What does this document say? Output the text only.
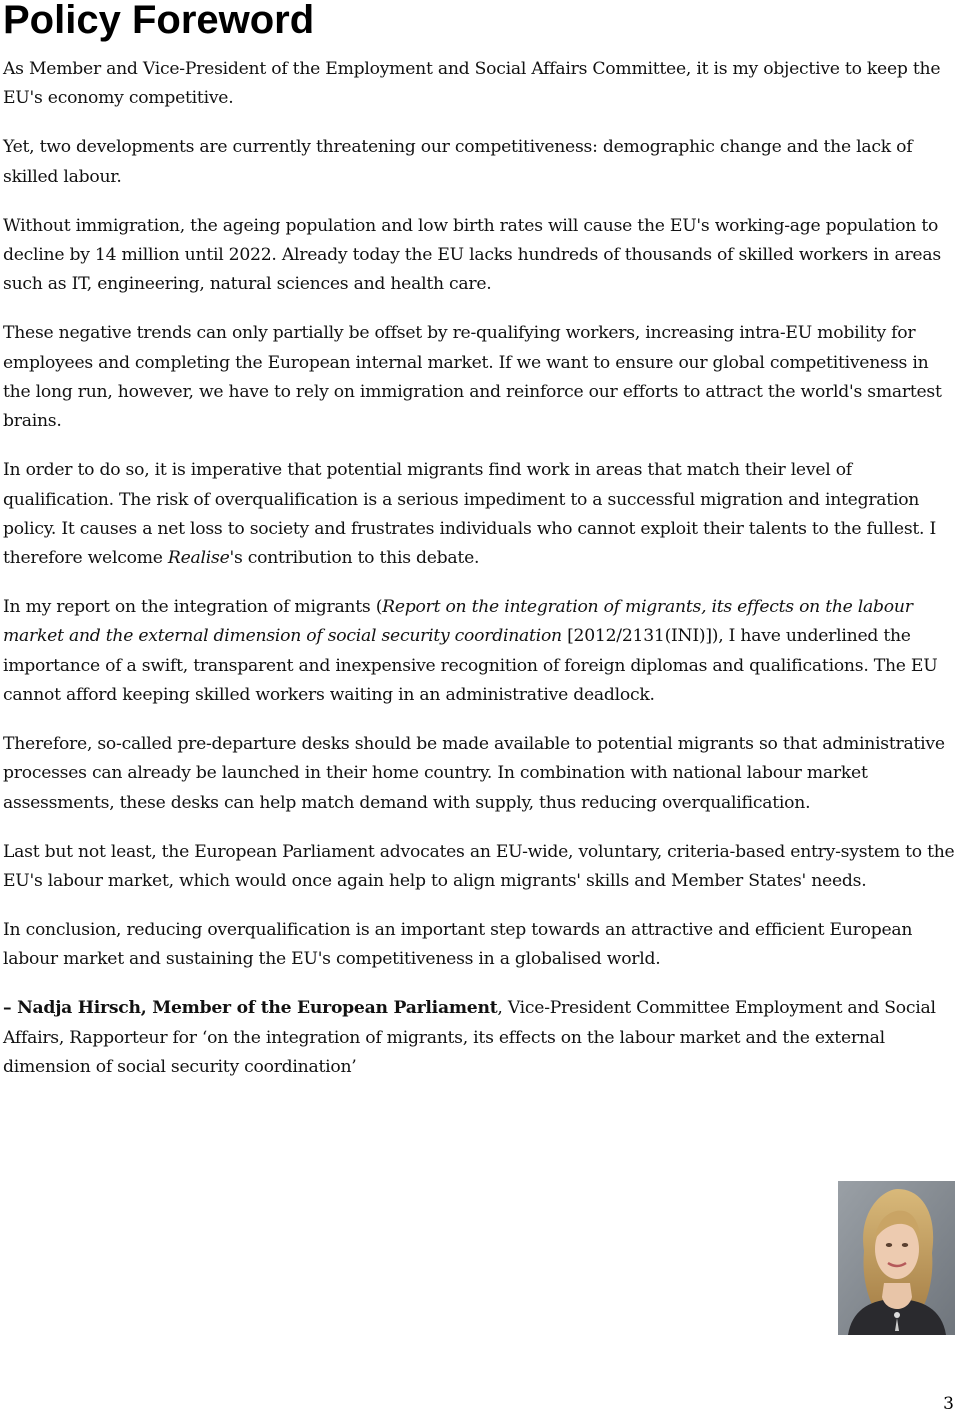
Policy Foreword

As Member and Vice-President of the Employment and Social Affairs Committee, it is my objective to keep the EU's economy competitive.

Yet, two developments are currently threatening our competitiveness: demographic change and the lack of skilled labour.

Without immigration, the ageing population and low birth rates will cause the EU's working-age population to decline by 14 million until 2022. Already today the EU lacks hundreds of thousands of skilled workers in areas such as IT, engineering, natural sciences and health care.

These negative trends can only partially be offset by re-qualifying workers, increasing intra-EU mobility for employees and completing the European internal market. If we want to ensure our global competitiveness in the long run, however, we have to rely on immigration and reinforce our efforts to attract the world's smartest brains.

In order to do so, it is imperative that potential migrants find work in areas that match their level of qualification. The risk of overqualification is a serious impediment to a successful migration and integration policy. It causes a net loss to society and frustrates individuals who cannot exploit their talents to the fullest. I therefore welcome Realise's contribution to this debate.

In my report on the integration of migrants (Report on the integration of migrants, its effects on the labour market and the external dimension of social security coordination [2012/2131(INI)]), I have underlined the importance of a swift, transparent and inexpensive recognition of foreign diplomas and qualifications. The EU cannot afford keeping skilled workers waiting in an administrative deadlock.

Therefore, so-called pre-departure desks should be made available to potential migrants so that administrative processes can already be launched in their home country. In combination with national labour market assessments, these desks can help match demand with supply, thus reducing overqualification.

Last but not least, the European Parliament advocates an EU-wide, voluntary, criteria-based entry-system to the EU's labour market, which would once again help to align migrants' skills and Member States' needs.

In conclusion, reducing overqualification is an important step towards an attractive and efficient European labour market and sustaining the EU's competitiveness in a globalised world.

– Nadja Hirsch, Member of the European Parliament, Vice-President Committee Employment and Social Affairs, Rapporteur for ‘on the integration of migrants, its effects on the labour market and the external dimension of social security coordination’

3
